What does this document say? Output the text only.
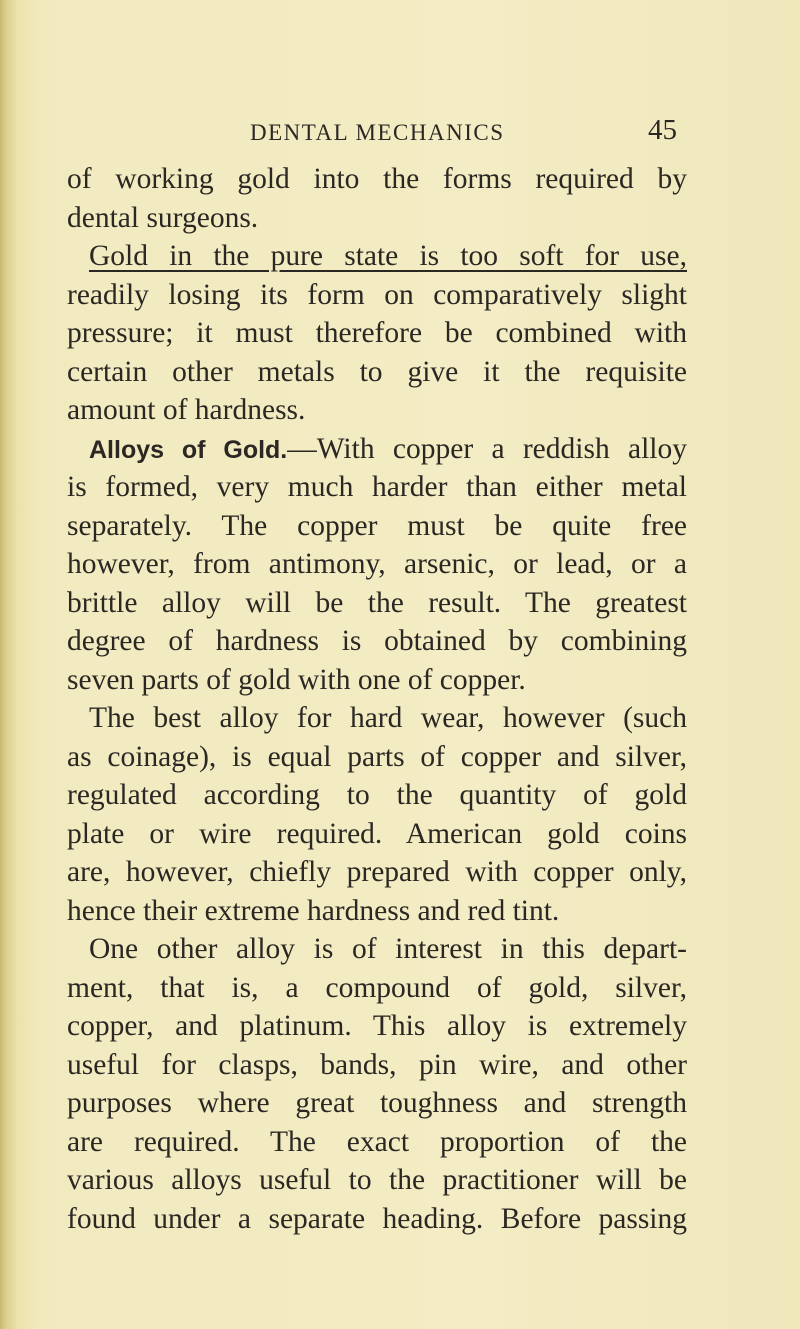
DENTAL MECHANICS	45
of working gold into the forms required by
dental surgeons.
Gold in the pure state is too soft for use,
readily losing its form on comparatively slight
pressure; it must therefore be combined with
certain other metals to give it the requisite
amount of hardness.
Alloys of Gold.—With copper a reddish alloy
is formed, very much harder than either metal
separately. The copper must be quite free
however, from antimony, arsenic, or lead, or a
brittle alloy will be the result. The greatest
degree of hardness is obtained by combining
seven parts of gold with one of copper.
The best alloy for hard wear, however (such
as coinage), is equal parts of copper and silver,
regulated according to the quantity of gold
plate or wire required. American gold coins
are, however, chiefly prepared with copper only,
hence their extreme hardness and red tint.
One other alloy is of interest in this depart-
ment, that is, a compound of gold, silver,
copper, and platinum. This alloy is extremely
useful for clasps, bands, pin wire, and other
purposes where great toughness and strength
are required. The exact proportion of the
various alloys useful to the practitioner will be
found under a separate heading. Before passing
